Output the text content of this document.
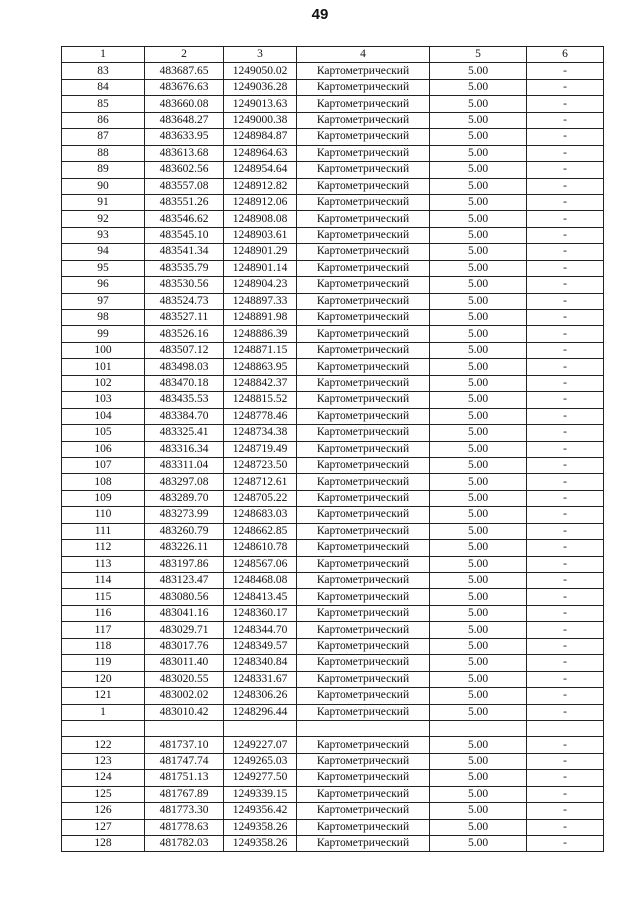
49
1	2	3	4	5	6
83	483687.65	1249050.02	Картометрический	5.00	-
84	483676.63	1249036.28	Картометрический	5.00	-
85	483660.08	1249013.63	Картометрический	5.00	-
86	483648.27	1249000.38	Картометрический	5.00	-
87	483633.95	1248984.87	Картометрический	5.00	-
88	483613.68	1248964.63	Картометрический	5.00	-
89	483602.56	1248954.64	Картометрический	5.00	-
90	483557.08	1248912.82	Картометрический	5.00	-
91	483551.26	1248912.06	Картометрический	5.00	-
92	483546.62	1248908.08	Картометрический	5.00	-
93	483545.10	1248903.61	Картометрический	5.00	-
94	483541.34	1248901.29	Картометрический	5.00	-
95	483535.79	1248901.14	Картометрический	5.00	-
96	483530.56	1248904.23	Картометрический	5.00	-
97	483524.73	1248897.33	Картометрический	5.00	-
98	483527.11	1248891.98	Картометрический	5.00	-
99	483526.16	1248886.39	Картометрический	5.00	-
100	483507.12	1248871.15	Картометрический	5.00	-
101	483498.03	1248863.95	Картометрический	5.00	-
102	483470.18	1248842.37	Картометрический	5.00	-
103	483435.53	1248815.52	Картометрический	5.00	-
104	483384.70	1248778.46	Картометрический	5.00	-
105	483325.41	1248734.38	Картометрический	5.00	-
106	483316.34	1248719.49	Картометрический	5.00	-
107	483311.04	1248723.50	Картометрический	5.00	-
108	483297.08	1248712.61	Картометрический	5.00	-
109	483289.70	1248705.22	Картометрический	5.00	-
110	483273.99	1248683.03	Картометрический	5.00	-
111	483260.79	1248662.85	Картометрический	5.00	-
112	483226.11	1248610.78	Картометрический	5.00	-
113	483197.86	1248567.06	Картометрический	5.00	-
114	483123.47	1248468.08	Картометрический	5.00	-
115	483080.56	1248413.45	Картометрический	5.00	-
116	483041.16	1248360.17	Картометрический	5.00	-
117	483029.71	1248344.70	Картометрический	5.00	-
118	483017.76	1248349.57	Картометрический	5.00	-
119	483011.40	1248340.84	Картометрический	5.00	-
120	483020.55	1248331.67	Картометрический	5.00	-
121	483002.02	1248306.26	Картометрический	5.00	-
1	483010.42	1248296.44	Картометрический	5.00	-

122	481737.10	1249227.07	Картометрический	5.00	-
123	481747.74	1249265.03	Картометрический	5.00	-
124	481751.13	1249277.50	Картометрический	5.00	-
125	481767.89	1249339.15	Картометрический	5.00	-
126	481773.30	1249356.42	Картометрический	5.00	-
127	481778.63	1249358.26	Картометрический	5.00	-
128	481782.03	1249358.26	Картометрический	5.00	-
